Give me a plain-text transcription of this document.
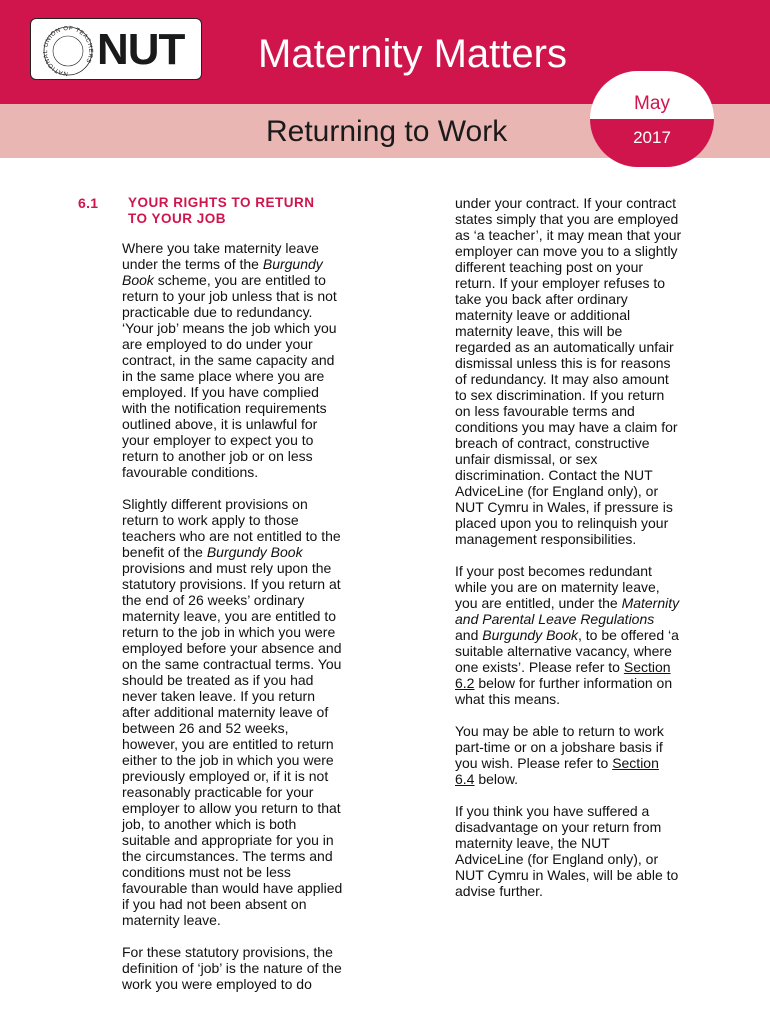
NATIONAL UNION OF TEACHERS NUT Maternity Matters
Returning to Work
May
2017
6.1 YOUR RIGHTS TO RETURN
TO YOUR JOB

Where you take maternity leave
under the terms of the Burgundy
Book scheme, you are entitled to
return to your job unless that is not
practicable due to redundancy.
‘Your job’ means the job which you
are employed to do under your
contract, in the same capacity and
in the same place where you are
employed. If you have complied
with the notification requirements
outlined above, it is unlawful for
your employer to expect you to
return to another job or on less
favourable conditions.

Slightly different provisions on
return to work apply to those
teachers who are not entitled to the
benefit of the Burgundy Book
provisions and must rely upon the
statutory provisions. If you return at
the end of 26 weeks’ ordinary
maternity leave, you are entitled to
return to the job in which you were
employed before your absence and
on the same contractual terms. You
should be treated as if you had
never taken leave. If you return
after additional maternity leave of
between 26 and 52 weeks,
however, you are entitled to return
either to the job in which you were
previously employed or, if it is not
reasonably practicable for your
employer to allow you return to that
job, to another which is both
suitable and appropriate for you in
the circumstances. The terms and
conditions must not be less
favourable than would have applied
if you had not been absent on
maternity leave.

For these statutory provisions, the
definition of ‘job’ is the nature of the
work you were employed to do

under your contract. If your contract
states simply that you are employed
as ‘a teacher’, it may mean that your
employer can move you to a slightly
different teaching post on your
return. If your employer refuses to
take you back after ordinary
maternity leave or additional
maternity leave, this will be
regarded as an automatically unfair
dismissal unless this is for reasons
of redundancy. It may also amount
to sex discrimination. If you return
on less favourable terms and
conditions you may have a claim for
breach of contract, constructive
unfair dismissal, or sex
discrimination. Contact the NUT
AdviceLine (for England only), or
NUT Cymru in Wales, if pressure is
placed upon you to relinquish your
management responsibilities.

If your post becomes redundant
while you are on maternity leave,
you are entitled, under the Maternity
and Parental Leave Regulations
and Burgundy Book, to be offered ‘a
suitable alternative vacancy, where
one exists’. Please refer to Section
6.2 below for further information on
what this means.

You may be able to return to work
part-time or on a jobshare basis if
you wish. Please refer to Section
6.4 below.

If you think you have suffered a
disadvantage on your return from
maternity leave, the NUT
AdviceLine (for England only), or
NUT Cymru in Wales, will be able to
advise further.
